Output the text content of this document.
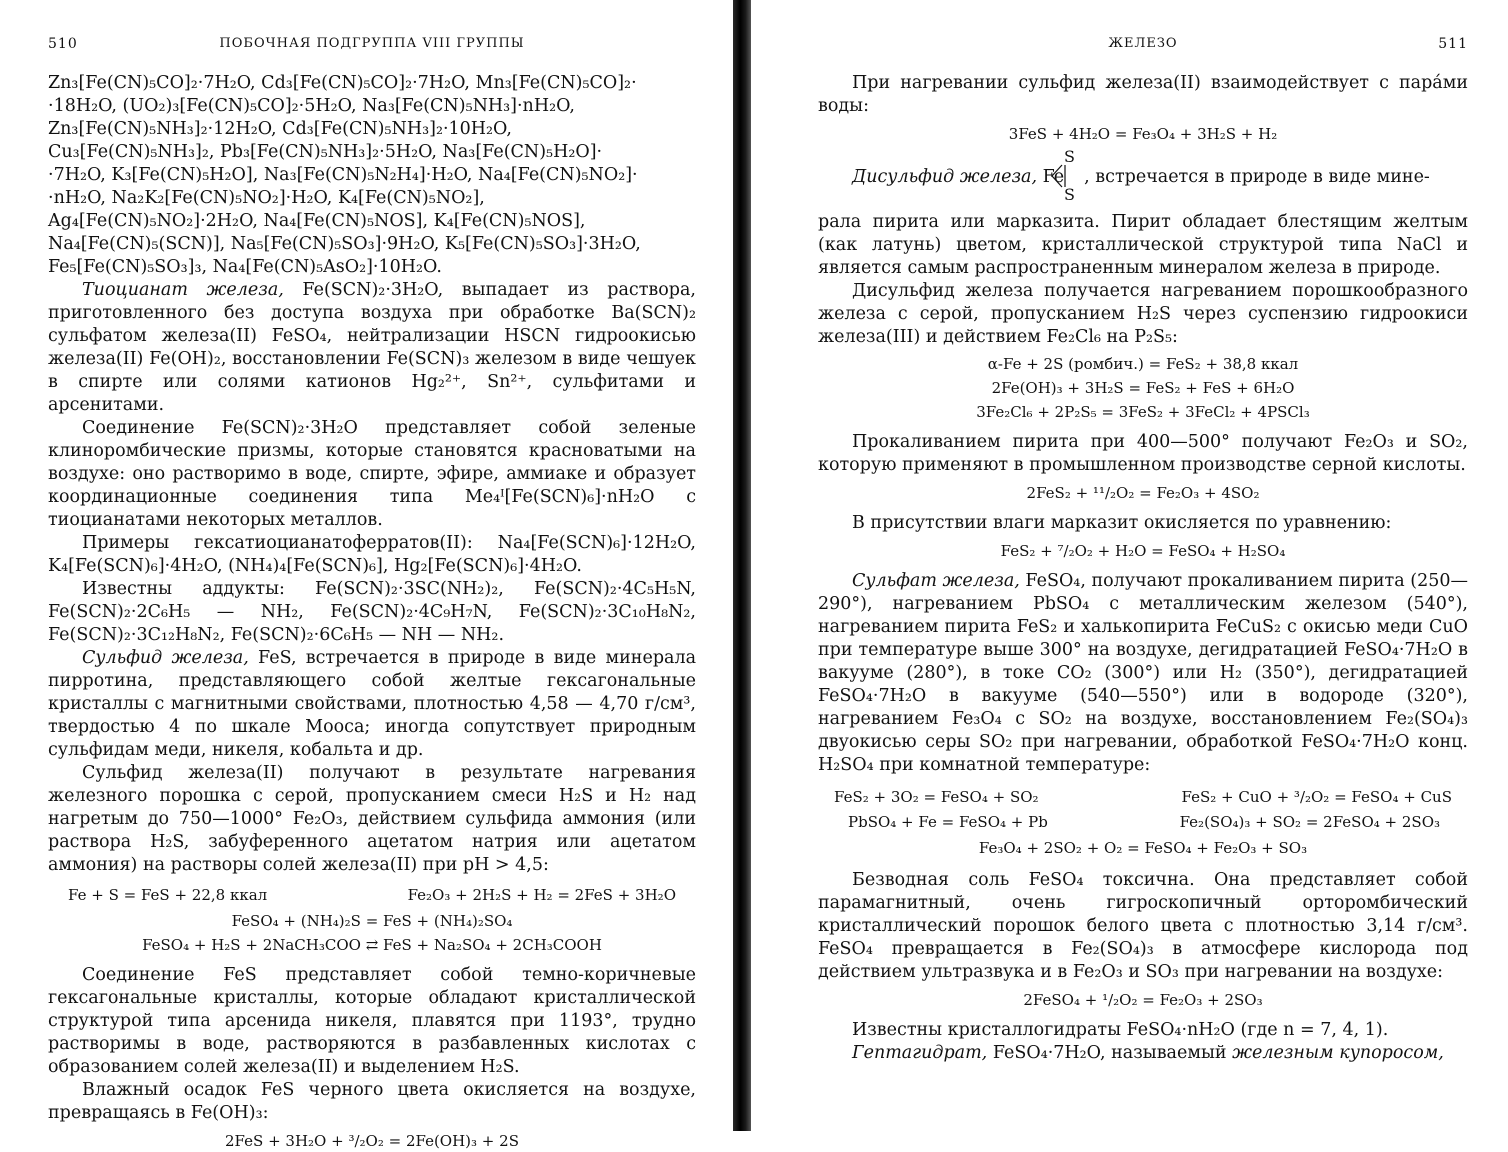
510	ПОБОЧНАЯ ПОДГРУППА VIII ГРУППЫ

Zn₃[Fe(CN)₅CO]₂·7H₂O, Cd₃[Fe(CN)₅CO]₂·7H₂O, Mn₃[Fe(CN)₅CO]₂·

·18H₂O, (UO₂)₃[Fe(CN)₅CO]₂·5H₂O, Na₃[Fe(CN)₅NH₃]·nH₂O,

Zn₃[Fe(CN)₅NH₃]₂·12H₂O, Cd₃[Fe(CN)₅NH₃]₂·10H₂O,

Cu₃[Fe(CN)₅NH₃]₂, Pb₃[Fe(CN)₅NH₃]₂·5H₂O, Na₃[Fe(CN)₅H₂O]·

·7H₂O, K₃[Fe(CN)₅H₂O], Na₃[Fe(CN)₅N₂H₄]·H₂O, Na₄[Fe(CN)₅NO₂]·

·nH₂O, Na₂K₂[Fe(CN)₅NO₂]·H₂O, K₄[Fe(CN)₅NO₂],

Ag₄[Fe(CN)₅NO₂]·2H₂O, Na₄[Fe(CN)₅NOS], K₄[Fe(CN)₅NOS],

Na₄[Fe(CN)₅(SCN)], Na₅[Fe(CN)₅SO₃]·9H₂O, K₅[Fe(CN)₅SO₃]·3H₂O,

Fe₅[Fe(CN)₅SO₃]₃, Na₄[Fe(CN)₅AsO₂]·10H₂O.

Тиоцианат железа, Fe(SCN)₂·3H₂O, выпадает из раствора, приготовленного без доступа воздуха при обработке Ba(SCN)₂ сульфатом железа(II) FeSO₄, нейтрализации HSCN гидроокисью железа(II) Fe(OH)₂, восстановлении Fe(SCN)₃ железом в виде чешуек в спирте или солями катионов Hg₂²⁺, Sn²⁺, сульфитами и арсенитами.

Соединение Fe(SCN)₂·3H₂O представляет собой зеленые клиноромбические призмы, которые становятся красноватыми на воздухе: оно растворимо в воде, спирте, эфире, аммиаке и образует координационные соединения типа Me₄ᴵ[Fe(SCN)₆]·nH₂O с тиоцианатами некоторых металлов.

Примеры гексатиоцианатоферратов(II): Na₄[Fe(SCN)₆]·12H₂O, K₄[Fe(SCN)₆]·4H₂O, (NH₄)₄[Fe(SCN)₆], Hg₂[Fe(SCN)₆]·4H₂O.

Известны аддукты: Fe(SCN)₂·3SC(NH₂)₂, Fe(SCN)₂·4C₅H₅N, Fe(SCN)₂·2C₆H₅ — NH₂, Fe(SCN)₂·4C₉H₇N, Fe(SCN)₂·3C₁₀H₈N₂, Fe(SCN)₂·3C₁₂H₈N₂, Fe(SCN)₂·6C₆H₅ — NH — NH₂.

Сульфид железа, FeS, встречается в природе в виде минерала пирротина, представляющего собой желтые гексагональные кристаллы с магнитными свойствами, плотностью 4,58 — 4,70 г/см³, твердостью 4 по шкале Мооса; иногда сопутствует природным сульфидам меди, никеля, кобальта и др.

Сульфид железа(II) получают в результате нагревания железного порошка с серой, пропусканием смеси H₂S и H₂ над нагретым до 750—1000° Fe₂O₃, действием сульфида аммония (или раствора H₂S, забуференного ацетатом натрия или ацетатом аммония) на растворы солей железа(II) при pH > 4,5:

Fe + S = FeS + 22,8 ккал	Fe₂O₃ + 2H₂S + H₂ = 2FeS + 3H₂O
FeSO₄ + (NH₄)₂S = FeS + (NH₄)₂SO₄
FeSO₄ + H₂S + 2NaCH₃COO ⇄ FeS + Na₂SO₄ + 2CH₃COOH

Соединение FeS представляет собой темно-коричневые гексагональные кристаллы, которые обладают кристаллической структурой типа арсенида никеля, плавятся при 1193°, трудно растворимы в воде, растворяются в разбавленных кислотах с образованием солей железа(II) и выделением H₂S.

Влажный осадок FeS черного цвета окисляется на воздухе, превращаясь в Fe(OH)₃:

2FeS + 3H₂O + ³/₂O₂ = 2Fe(OH)₃ + 2S
ЖЕЛЕЗО	511

При нагревании сульфид железа(II) взаимодействует с пара́ми воды:

3FeS + 4H₂O = Fe₃O₄ + 3H₂S + H₂
S
S
Дисульфид железа, Fe , встречается в природе в виде мине-

рала пирита или марказита. Пирит обладает блестящим желтым (как латунь) цветом, кристаллической структурой типа NaCl и является самым распространенным минералом железа в природе.

Дисульфид железа получается нагреванием порошкообразного железа с серой, пропусканием H₂S через суспензию гидроокиси железа(III) и действием Fe₂Cl₆ на P₂S₅:

α-Fe + 2S (ромбич.) = FeS₂ + 38,8 ккал
2Fe(OH)₃ + 3H₂S = FeS₂ + FeS + 6H₂O
3Fe₂Cl₆ + 2P₂S₅ = 3FeS₂ + 3FeCl₂ + 4PSCl₃

Прокаливанием пирита при 400—500° получают Fe₂O₃ и SO₂, которую применяют в промышленном производстве серной кислоты.

2FeS₂ + ¹¹/₂O₂ = Fe₂O₃ + 4SO₂

В присутствии влаги марказит окисляется по уравнению:

FeS₂ + ⁷/₂O₂ + H₂O = FeSO₄ + H₂SO₄

Сульфат железа, FeSO₄, получают прокаливанием пирита (250—290°), нагреванием PbSO₄ с металлическим железом (540°), нагреванием пирита FeS₂ и халькопирита FeCuS₂ с окисью меди CuO при температуре выше 300° на воздухе, дегидратацией FeSO₄·7H₂O в вакууме (280°), в токе CO₂ (300°) или H₂ (350°), дегидратацией FeSO₄·7H₂O в вакууме (540—550°) или в водороде (320°), нагреванием Fe₃O₄ с SO₂ на воздухе, восстановлением Fe₂(SO₄)₃ двуокисью серы SO₂ при нагревании, обработкой FeSO₄·7H₂O конц. H₂SO₄ при комнатной температуре:

FeS₂ + 3O₂ = FeSO₄ + SO₂	FeS₂ + CuO + ³/₂O₂ = FeSO₄ + CuS
PbSO₄ + Fe = FeSO₄ + Pb	Fe₂(SO₄)₃ + SO₂ = 2FeSO₄ + 2SO₃
Fe₃O₄ + 2SO₂ + O₂ = FeSO₄ + Fe₂O₃ + SO₃

Безводная соль FeSO₄ токсична. Она представляет собой парамагнитный, очень гигроскопичный орторомбический кристаллический порошок белого цвета с плотностью 3,14 г/см³. FeSO₄ превращается в Fe₂(SO₄)₃ в атмосфере кислорода под действием ультразвука и в Fe₂O₃ и SO₃ при нагревании на воздухе:

2FeSO₄ + ¹/₂O₂ = Fe₂O₃ + 2SO₃

Известны кристаллогидраты FeSO₄·nH₂O (где n = 7, 4, 1).

Гептагидрат, FeSO₄·7H₂O, называемый железным купоросом,
